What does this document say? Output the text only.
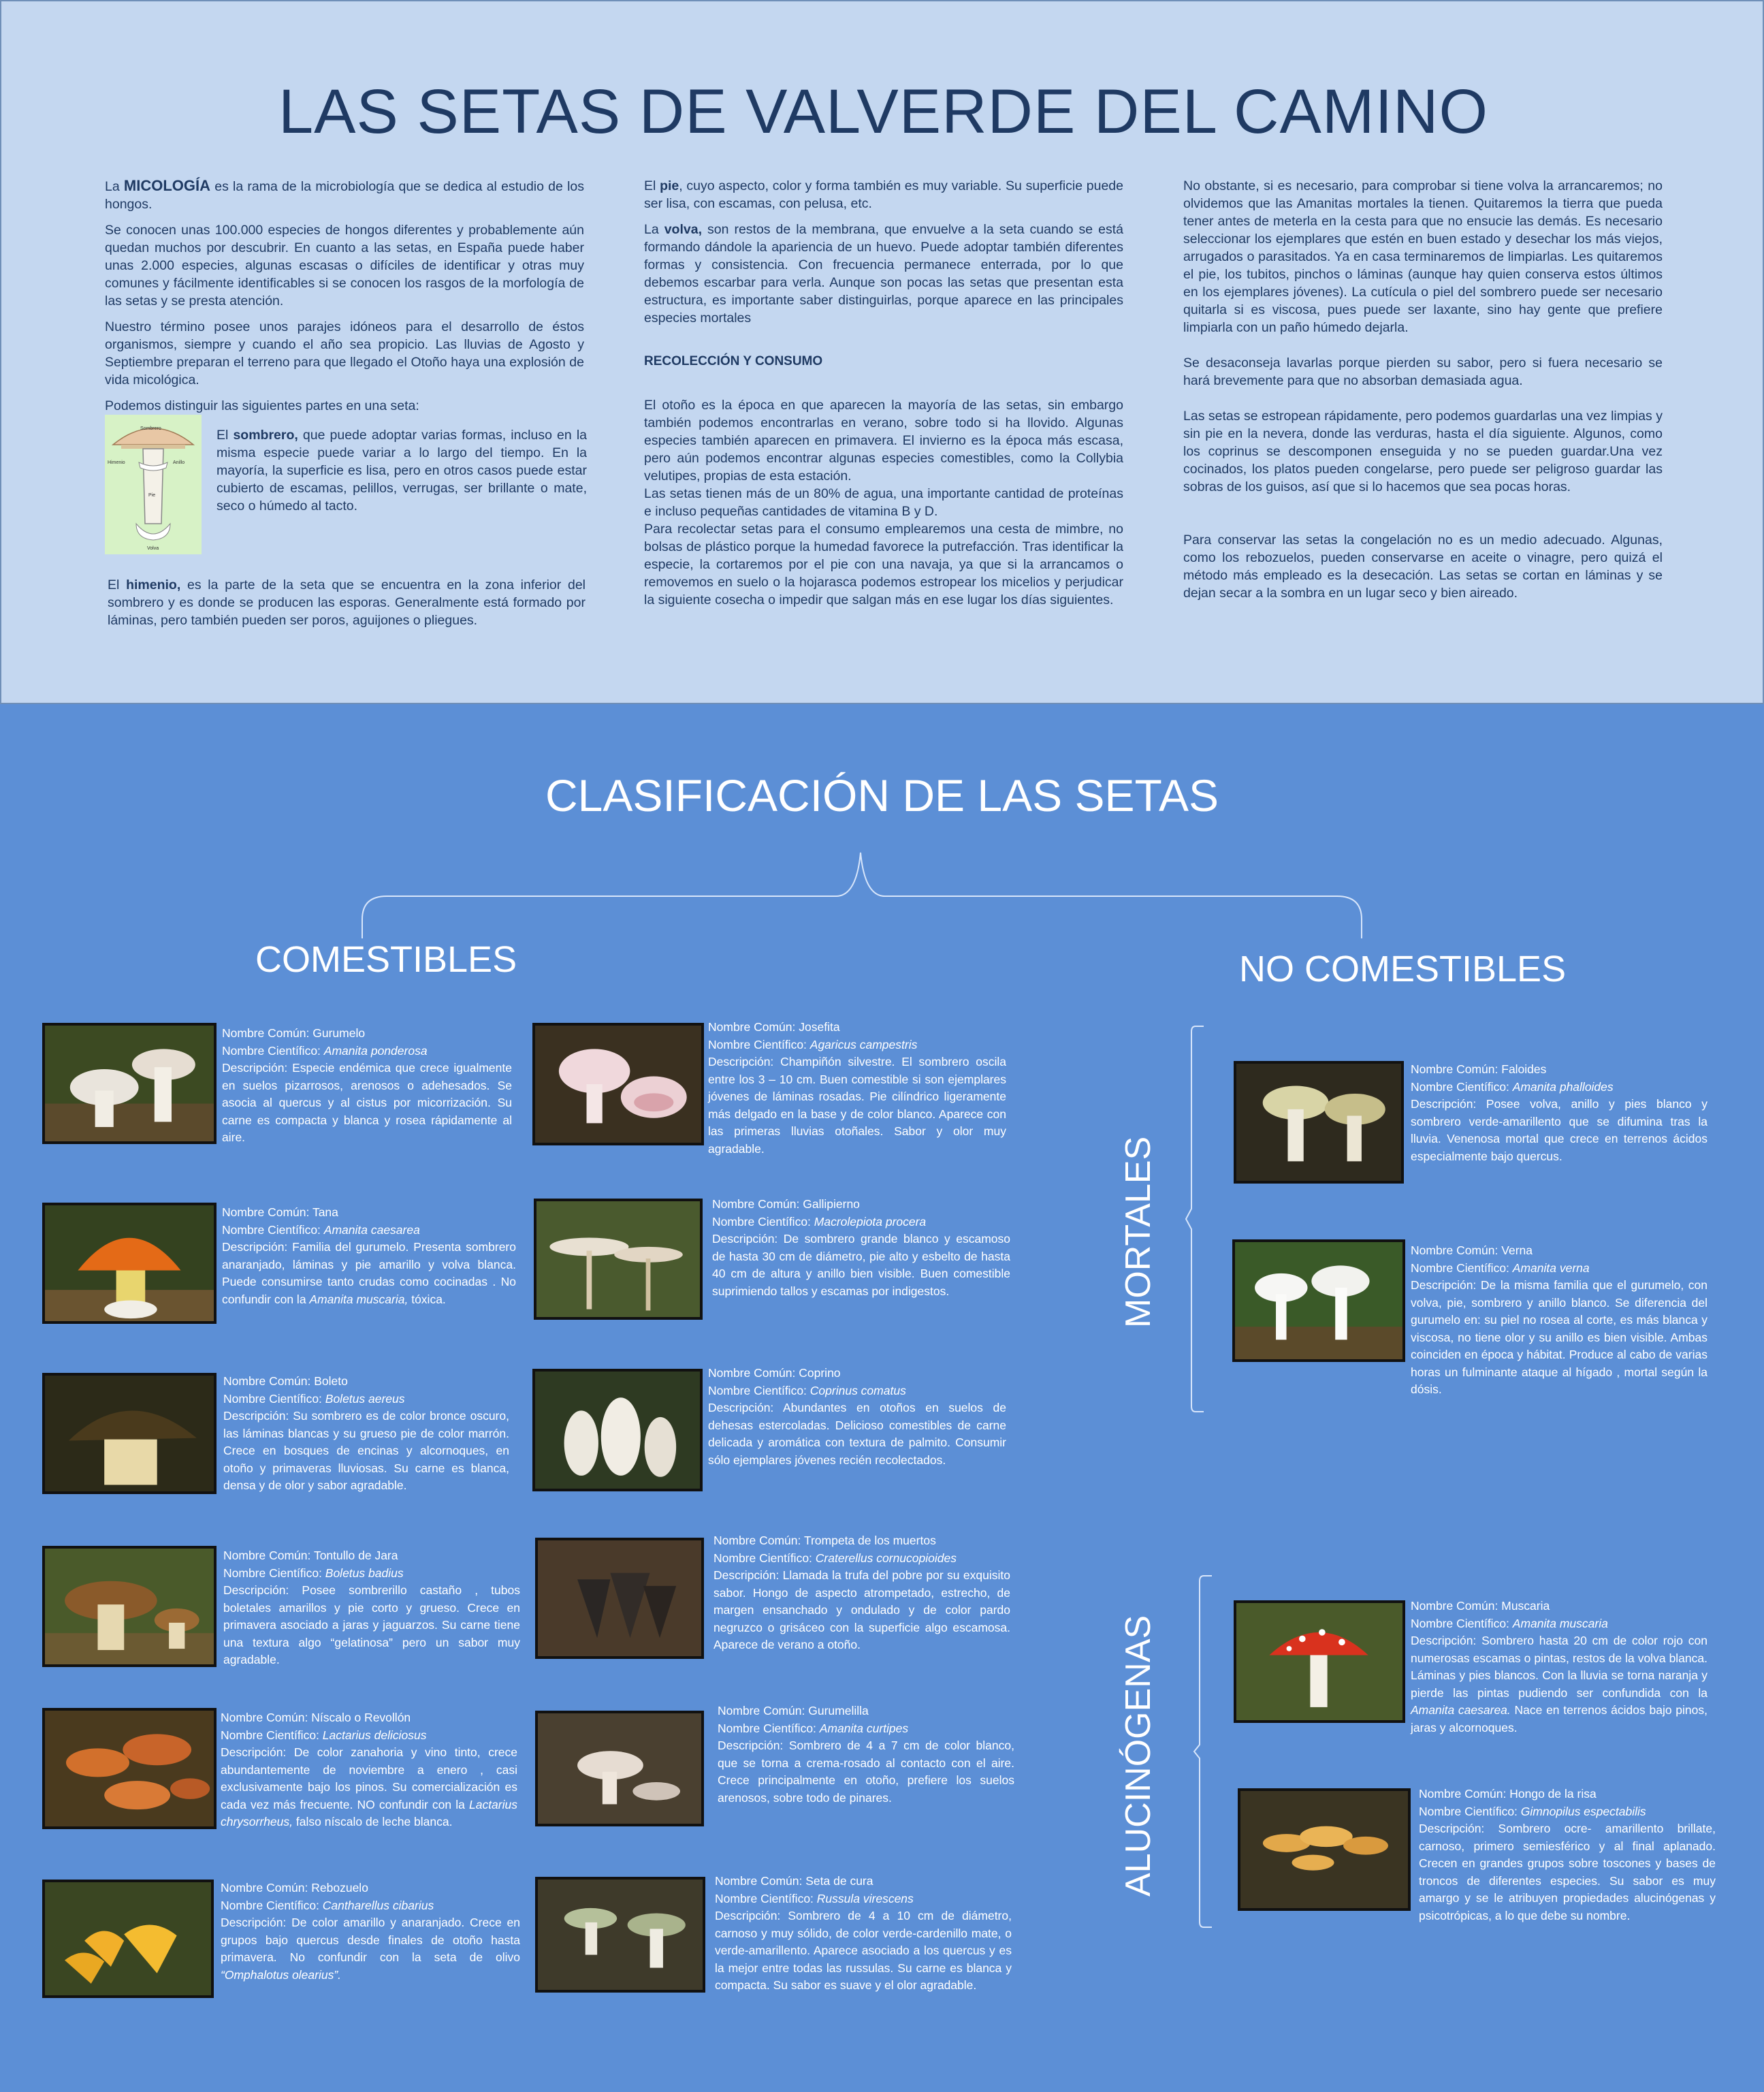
LAS SETAS DE VALVERDE DEL CAMINO

La MICOLOGÍA es la rama de la microbiología que se dedica al estudio de los hongos.

Se conocen unas 100.000 especies de hongos diferentes y probablemente aún quedan muchos por descubrir. En cuanto a las setas, en España puede haber unas 2.000 especies, algunas escasas o difíciles de identificar y otras muy comunes y fácilmente identificables si se conocen los rasgos de la morfología de las setas y se presta atención.

Nuestro término posee unos parajes idóneos para el desarrollo de éstos organismos, siempre y cuando el año sea propicio. Las lluvias de Agosto y Septiembre preparan el terreno para que llegado el Otoño haya una explosión de vida micológica.

Podemos distinguir las siguientes partes en una seta:

Sombrero
Himenio	Anillo
Pie
Volva
El sombrero, que puede adoptar varias formas, incluso en la misma especie puede variar a lo largo del tiempo. En la mayoría, la superficie es lisa, pero en otros casos puede estar cubierto de escamas, pelillos, verrugas, ser brillante o mate, seco o húmedo al tacto.
El himenio, es la parte de la seta que se encuentra en la zona inferior del sombrero y es donde se producen las esporas. Generalmente está formado por láminas, pero también pueden ser poros, aguijones o pliegues.

El pie, cuyo aspecto, color y forma también es muy variable. Su superficie puede ser lisa, con escamas, con pelusa, etc.

La volva, son restos de la membrana, que envuelve a la seta cuando se está formando dándole la apariencia de un huevo. Puede adoptar también diferentes formas y consistencia. Con frecuencia permanece enterrada, por lo que debemos escarbar para verla. Aunque son pocas las setas que presentan esta estructura, es importante saber distinguirlas, porque aparece en las principales especies mortales

RECOLECCIÓN Y CONSUMO

El otoño es la época en que aparecen la mayoría de las setas, sin embargo también podemos encontrarlas en verano, sobre todo si ha llovido. Algunas especies también aparecen en primavera. El invierno es la época más escasa, pero aún podemos encontrar algunas especies comestibles, como la Collybia velutipes, propias de esta estación.

Las setas tienen más de un 80% de agua, una importante cantidad de proteínas e incluso pequeñas cantidades de vitamina B y D.

Para recolectar setas para el consumo emplearemos una cesta de mimbre, no bolsas de plástico porque la humedad favorece la putrefacción. Tras identificar la especie, la cortaremos por el pie con una navaja, ya que si la arrancamos o removemos en suelo o la hojarasca podemos estropear los micelios y perjudicar la siguiente cosecha o impedir que salgan más en ese lugar los días siguientes.

No obstante, si es necesario, para comprobar si tiene volva la arrancaremos; no olvidemos que las Amanitas mortales la tienen. Quitaremos la tierra que pueda tener antes de meterla en la cesta para que no ensucie las demás. Es necesario seleccionar los ejemplares que estén en buen estado y desechar los más viejos, arrugados o parasitados. Ya en casa terminaremos de limpiarlas. Les quitaremos el pie, los tubitos, pinchos o láminas (aunque hay quien conserva estos últimos en los ejemplares jóvenes). La cutícula o piel del sombrero puede ser necesario quitarla si es viscosa, pues puede ser laxante, sino hay gente que prefiere limpiarla con un paño húmedo dejarla.

Se desaconseja lavarlas porque pierden su sabor, pero si fuera necesario se hará brevemente para que no absorban demasiada agua.

Las setas se estropean rápidamente, pero podemos guardarlas una vez limpias y sin pie en la nevera, donde las verduras, hasta el día siguiente. Algunos, como los coprinus se descomponen enseguida y no se pueden guardar.Una vez cocinados, los platos pueden congelarse, pero puede ser peligroso guardar las sobras de los guisos, así que si lo hacemos que sea pocas horas.

Para conservar las setas la congelación no es un medio adecuado. Algunas, como los rebozuelos, pueden conservarse en aceite o vinagre, pero quizá el método más empleado es la desecación. Las setas se cortan en láminas y se dejan secar a la sombra en un lugar seco y bien aireado.

CLASIFICACIÓN DE LAS SETAS
COMESTIBLES	NO COMESTIBLES
MORTALES
ALUCINÓGENAS
Nombre Común: Gurumelo
Nombre Científico: Amanita ponderosa
Descripción: Especie endémica que crece igualmente en suelos pizarrosos, arenosos o adehesados. Se asocia al quercus y al cistus por micorrización. Su carne es compacta y blanca y rosea rápidamente al aire.
Nombre Común: Tana
Nombre Científico: Amanita caesarea
Descripción: Familia del gurumelo. Presenta sombrero anaranjado, láminas y pie amarillo y volva blanca. Puede consumirse tanto crudas como cocinadas . No confundir con la Amanita muscaria, tóxica.
Nombre Común: Boleto
Nombre Científico: Boletus aereus
Descripción: Su sombrero es de color bronce oscuro, las láminas blancas y su grueso pie de color marrón. Crece en bosques de encinas y alcornoques, en otoño y primaveras lluviosas. Su carne es blanca, densa y de olor y sabor agradable.
Nombre Común: Tontullo de Jara
Nombre Científico: Boletus badius
Descripción: Posee sombrerillo castaño , tubos boletales amarillos y pie corto y grueso. Crece en primavera asociado a jaras y jaguarzos. Su carne tiene una textura algo “gelatinosa” pero un sabor muy agradable.
Nombre Común: Níscalo o Revollón
Nombre Científico: Lactarius deliciosus
Descripción: De color zanahoria y vino tinto, crece abundantemente de noviembre a enero , casi exclusivamente bajo los pinos. Su comercialización es cada vez más frecuente. NO confundir con la Lactarius chrysorrheus, falso níscalo de leche blanca.
Nombre Común: Rebozuelo
Nombre Científico: Cantharellus cibarius
Descripción: De color amarillo y anaranjado. Crece en grupos bajo quercus desde finales de otoño hasta primavera. No confundir con la seta de olivo “Omphalotus olearius”.
Nombre Común: Josefita
Nombre Científico: Agaricus campestris
Descripción: Champiñón silvestre. El sombrero oscila entre los 3 – 10 cm. Buen comestible si son ejemplares jóvenes de láminas rosadas. Pie cilíndrico ligeramente más delgado en la base y de color blanco. Aparece con las primeras lluvias otoñales. Sabor y olor muy agradable.
Nombre Común: Gallipierno
Nombre Científico: Macrolepiota procera
Descripción: De sombrero grande blanco y escamoso de hasta 30 cm de diámetro, pie alto y esbelto de hasta 40 cm de altura y anillo bien visible. Buen comestible suprimiendo tallos y escamas por indigestos.
Nombre Común: Coprino
Nombre Científico: Coprinus comatus
Descripción: Abundantes en otoños en suelos de dehesas estercoladas. Delicioso comestibles de carne delicada y aromática con textura de palmito. Consumir sólo ejemplares jóvenes recién recolectados.
Nombre Común: Trompeta de los muertos
Nombre Científico: Craterellus cornucopioides
Descripción: Llamada la trufa del pobre por su exquisito sabor. Hongo de aspecto atrompetado, estrecho, de margen ensanchado y ondulado y de color pardo negruzco o grisáceo con la superficie algo escamosa. Aparece de verano a otoño.
Nombre Común: Gurumelilla
Nombre Científico: Amanita curtipes
Descripción: Sombrero de 4 a 7 cm de color blanco, que se torna a crema-rosado al contacto con el aire. Crece principalmente en otoño, prefiere los suelos arenosos, sobre todo de pinares.
Nombre Común: Seta de cura
Nombre Científico: Russula virescens
Descripción: Sombrero de 4 a 10 cm de diámetro, carnoso y muy sólido, de color verde-cardenillo mate, o verde-amarillento. Aparece asociado a los quercus y es la mejor entre todas las russulas. Su carne es blanca y compacta. Su sabor es suave y el olor agradable.
Nombre Común: Faloides
Nombre Científico: Amanita phalloides
Descripción: Posee volva, anillo y pies blanco y sombrero verde-amarillento que se difumina tras la lluvia. Venenosa mortal que crece en terrenos ácidos especialmente bajo quercus.
Nombre Común: Verna
Nombre Científico: Amanita verna
Descripción: De la misma familia que el gurumelo, con volva, pie, sombrero y anillo blanco. Se diferencia del gurumelo en: su piel no rosea al corte, es más blanca y viscosa, no tiene olor y su anillo es bien visible. Ambas coinciden en época y hábitat. Produce al cabo de varias horas un fulminante ataque al hígado , mortal según la dósis.
Nombre Común: Muscaria
Nombre Científico: Amanita muscaria
Descripción: Sombrero hasta 20 cm de color rojo con numerosas escamas o pintas, restos de la volva blanca. Láminas y pies blancos. Con la lluvia se torna naranja y pierde las pintas pudiendo ser confundida con la Amanita caesarea. Nace en terrenos ácidos bajo pinos, jaras y alcornoques.
Nombre Común: Hongo de la risa
Nombre Científico: Gimnopilus espectabilis
Descripción: Sombrero ocre- amarillento brillate, carnoso, primero semiesférico y al final aplanado. Crecen en grandes grupos sobre toscones y bases de troncos de diferentes especies. Su sabor es muy amargo y se le atribuyen propiedades alucinógenas y psicotrópicas, a lo que debe su nombre.
